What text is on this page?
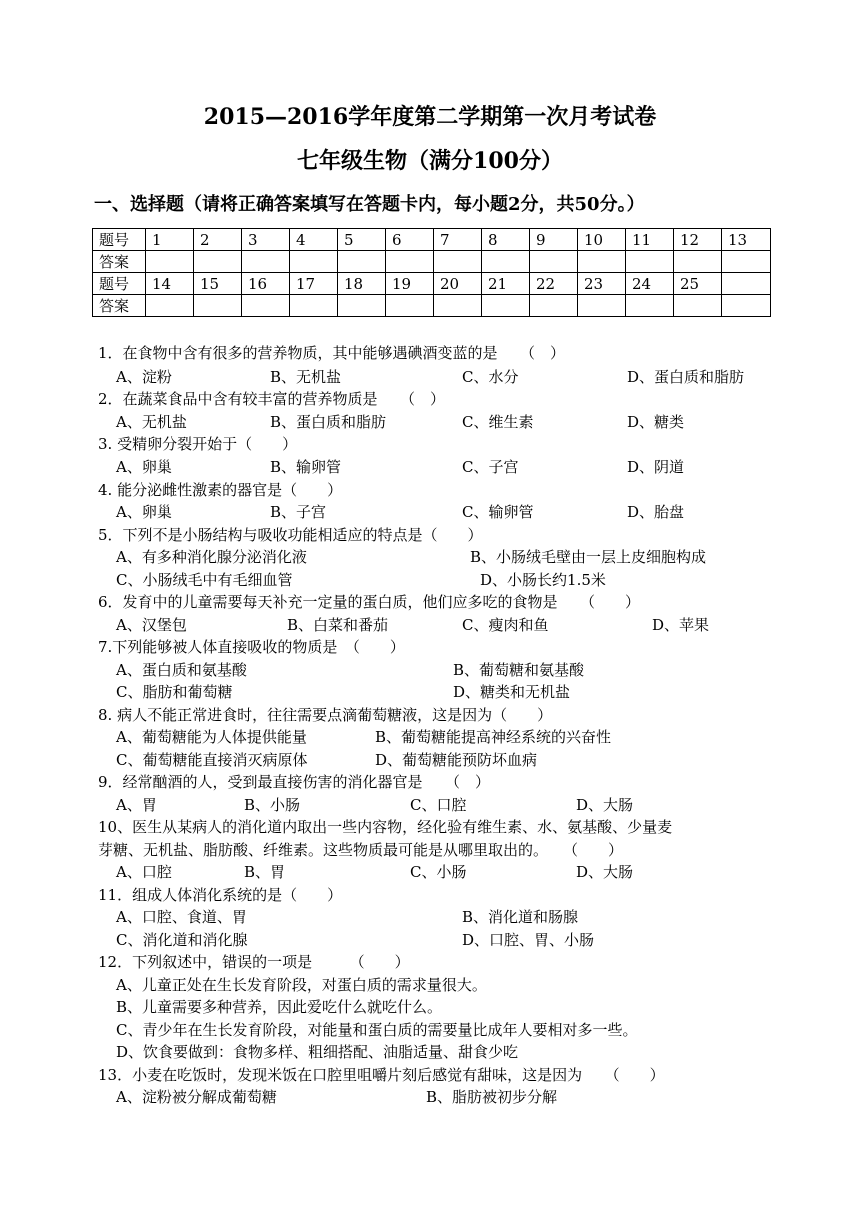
2015—2016学年度第二学期第一次月考试卷
七年级生物（满分100分）
一、选择题（请将正确答案填写在答题卡内，每小题2分，共50分。）
题号	1	2	3	4	5	6	7	8	9	10	11	12	13
答案													
题号	14	15	16	17	18	19	20	21	22	23	24	25	
答案													
1．在食物中含有很多的营养物质，其中能够遇碘酒变蓝的是　　（　）
A、淀粉	B、无机盐	C、水分	D、蛋白质和脂肪
2．在蔬菜食品中含有较丰富的营养物质是　　（　）
A、无机盐	B、蛋白质和脂肪	C、维生素	D、糖类
3. 受精卵分裂开始于（　　）
A、卵巢	B、输卵管	C、子宫	D、阴道
4. 能分泌雌性激素的器官是（　　）
A、卵巢	B、子宫	C、输卵管	D、胎盘
5．下列不是小肠结构与吸收功能相适应的特点是（　　）
A、有多种消化腺分泌消化液	B、小肠绒毛壁由一层上皮细胞构成
C、小肠绒毛中有毛细血管	D、小肠长约1.5米
6．发育中的儿童需要每天补充一定量的蛋白质，他们应多吃的食物是　　（　　）
A、汉堡包	B、白菜和番茄	C、瘦肉和鱼	D、苹果
7.下列能够被人体直接吸收的物质是　（　　）
A、蛋白质和氨基酸	B、葡萄糖和氨基酸
C、脂肪和葡萄糖	D、糖类和无机盐
8. 病人不能正常进食时，往往需要点滴葡萄糖液，这是因为（　　）
A、葡萄糖能为人体提供能量	B、葡萄糖能提高神经系统的兴奋性
C、葡萄糖能直接消灭病原体	D、葡萄糖能预防坏血病
9．经常酗酒的人，受到最直接伤害的消化器官是　　（　）
A、胃	B、小肠	C、口腔	D、大肠
10、医生从某病人的消化道内取出一些内容物，经化验有维生素、水、氨基酸、少量麦
芽糖、无机盐、脂肪酸、纤维素。这些物质最可能是从哪里取出的。　　（　　）
A、口腔	B、胃	C、小肠	D、大肠
11．组成人体消化系统的是（　　）
A、口腔、食道、胃	B、消化道和肠腺
C、消化道和消化腺	D、口腔、胃、小肠
12．下列叙述中，错误的一项是　　　（　　）
A、儿童正处在生长发育阶段，对蛋白质的需求量很大。
B、儿童需要多种营养，因此爱吃什么就吃什么。
C、青少年在生长发育阶段，对能量和蛋白质的需要量比成年人要相对多一些。
D、饮食要做到：食物多样、粗细搭配、油脂适量、甜食少吃
13．小麦在吃饭时，发现米饭在口腔里咀嚼片刻后感觉有甜味，这是因为　　（　　）
A、淀粉被分解成葡萄糖	B、脂肪被初步分解
